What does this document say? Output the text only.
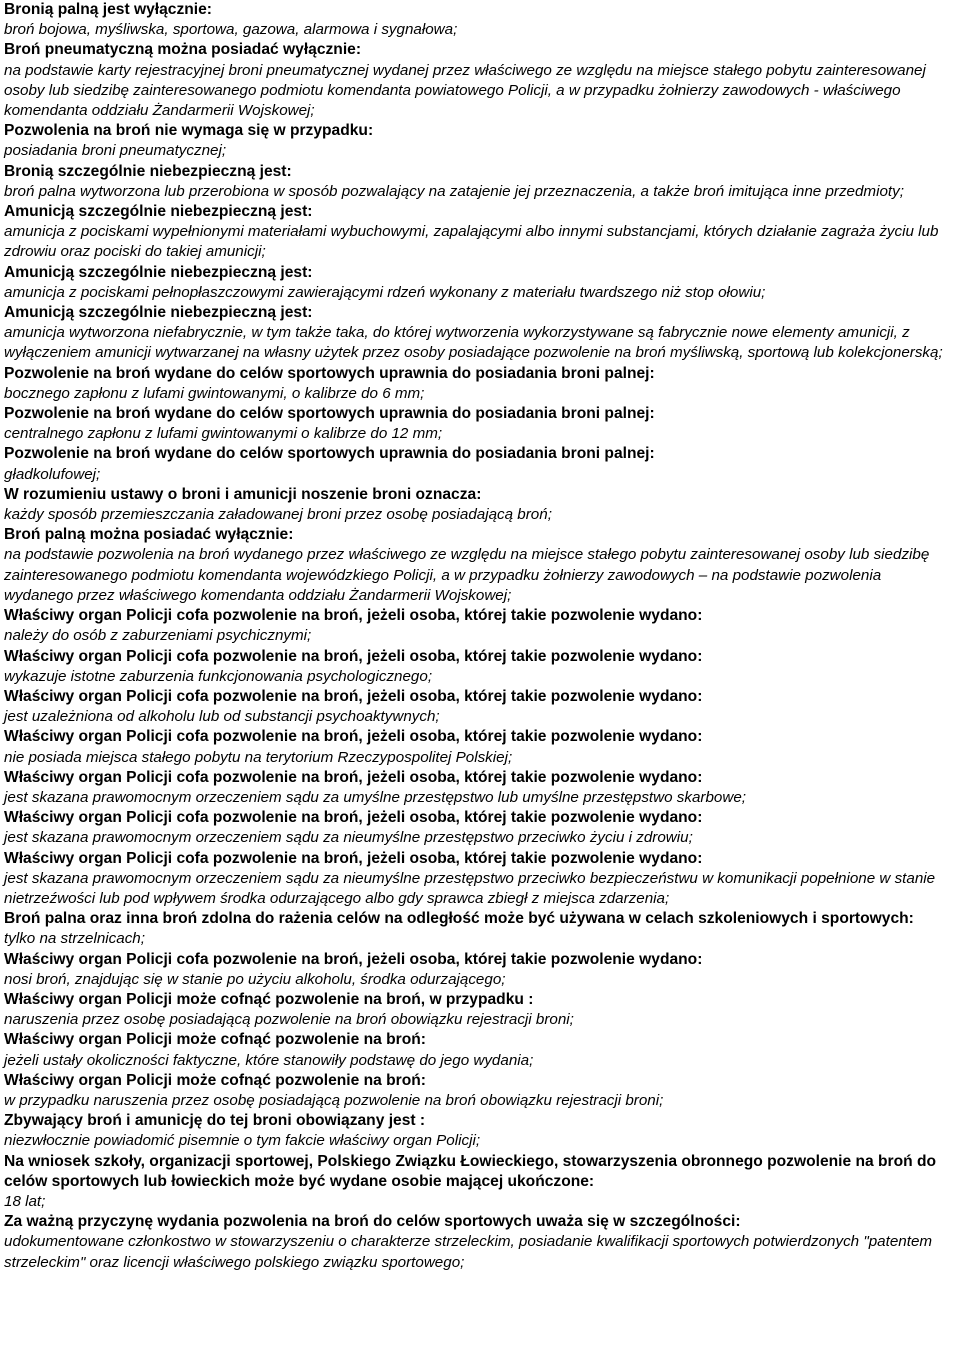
Bronią palną jest wyłącznie:

broń bojowa, myśliwska, sportowa, gazowa, alarmowa i sygnałowa;

Broń pneumatyczną można posiadać wyłącznie:

na podstawie karty rejestracyjnej broni pneumatycznej wydanej przez właściwego ze względu na miejsce stałego pobytu zainteresowanej osoby lub siedzibę zainteresowanego podmiotu komendanta powiatowego Policji, a w przypadku żołnierzy zawodowych - właściwego komendanta oddziału Żandarmerii Wojskowej;

Pozwolenia na broń nie wymaga się w przypadku:

posiadania broni pneumatycznej;

Bronią szczególnie niebezpieczną jest:

broń palna wytworzona lub przerobiona w sposób pozwalający na zatajenie jej przeznaczenia, a także broń imitująca inne przedmioty;

Amunicją szczególnie niebezpieczną jest:

amunicja z pociskami wypełnionymi materiałami wybuchowymi, zapalającymi albo innymi substancjami, których działanie zagraża życiu lub zdrowiu oraz pociski do takiej amunicji;

Amunicją szczególnie niebezpieczną jest:

amunicja z pociskami pełnopłaszczowymi zawierającymi rdzeń wykonany z materiału twardszego niż stop ołowiu;

Amunicją szczególnie niebezpieczną jest:

amunicja wytworzona niefabrycznie, w tym także taka, do której wytworzenia wykorzystywane są fabrycznie nowe elementy amunicji, z wyłączeniem amunicji wytwarzanej na własny użytek przez osoby posiadające pozwolenie na broń myśliwską, sportową lub kolekcjonerską;

Pozwolenie na broń wydane do celów sportowych uprawnia do posiadania broni palnej:

bocznego zapłonu z lufami gwintowanymi, o kalibrze do 6 mm;

Pozwolenie na broń wydane do celów sportowych uprawnia do posiadania broni palnej:

centralnego zapłonu z lufami gwintowanymi o kalibrze do 12 mm;

Pozwolenie na broń wydane do celów sportowych uprawnia do posiadania broni palnej:

gładkolufowej;

W rozumieniu ustawy o broni i amunicji noszenie broni oznacza:

każdy sposób przemieszczania załadowanej broni przez osobę posiadającą broń;

Broń palną można posiadać wyłącznie:

na podstawie pozwolenia na broń wydanego przez właściwego ze względu na miejsce stałego pobytu zainteresowanej osoby lub siedzibę zainteresowanego podmiotu komendanta wojewódzkiego Policji, a w przypadku żołnierzy zawodowych – na podstawie pozwolenia wydanego przez właściwego komendanta oddziału Żandarmerii Wojskowej;

Właściwy organ Policji cofa pozwolenie na broń, jeżeli osoba, której takie pozwolenie wydano:

należy do osób z zaburzeniami psychicznymi;

Właściwy organ Policji cofa pozwolenie na broń, jeżeli osoba, której takie pozwolenie wydano:

wykazuje istotne zaburzenia funkcjonowania psychologicznego;

Właściwy organ Policji cofa pozwolenie na broń, jeżeli osoba, której takie pozwolenie wydano:

jest uzależniona od alkoholu lub od substancji psychoaktywnych;

Właściwy organ Policji cofa pozwolenie na broń, jeżeli osoba, której takie pozwolenie wydano:

nie posiada miejsca stałego pobytu na terytorium Rzeczypospolitej Polskiej;

Właściwy organ Policji cofa pozwolenie na broń, jeżeli osoba, której takie pozwolenie wydano:

jest skazana prawomocnym orzeczeniem sądu za umyślne przestępstwo lub umyślne przestępstwo skarbowe;

Właściwy organ Policji cofa pozwolenie na broń, jeżeli osoba, której takie pozwolenie wydano:

jest skazana prawomocnym orzeczeniem sądu za nieumyślne przestępstwo przeciwko życiu i zdrowiu;

Właściwy organ Policji cofa pozwolenie na broń, jeżeli osoba, której takie pozwolenie wydano:

jest skazana prawomocnym orzeczeniem sądu za nieumyślne przestępstwo przeciwko bezpieczeństwu w komunikacji popełnione w stanie nietrzeźwości lub pod wpływem środka odurzającego albo gdy sprawca zbiegł z miejsca zdarzenia;

Broń palna oraz inna broń zdolna do rażenia celów na odległość może być używana w celach szkoleniowych i sportowych:

tylko na strzelnicach;

Właściwy organ Policji cofa pozwolenie na broń, jeżeli osoba, której takie pozwolenie wydano:

nosi broń, znajdując się w stanie po użyciu alkoholu, środka odurzającego;

Właściwy organ Policji może cofnąć pozwolenie na broń, w przypadku :

naruszenia przez osobę posiadającą pozwolenie na broń obowiązku rejestracji broni;

Właściwy organ Policji może cofnąć pozwolenie na broń:

jeżeli ustały okoliczności faktyczne, które stanowiły podstawę do jego wydania;

Właściwy organ Policji może cofnąć pozwolenie na broń:

w przypadku naruszenia przez osobę posiadającą pozwolenie na broń obowiązku rejestracji broni;

Zbywający broń i amunicję do tej broni obowiązany jest :

niezwłocznie powiadomić pisemnie o tym fakcie właściwy organ Policji;

Na wniosek szkoły, organizacji sportowej, Polskiego Związku Łowieckiego, stowarzyszenia obronnego pozwolenie na broń do celów sportowych lub łowieckich może być wydane osobie mającej ukończone:

18 lat;

Za ważną przyczynę wydania pozwolenia na broń do celów sportowych uważa się w szczególności:

udokumentowane członkostwo w stowarzyszeniu o charakterze strzeleckim, posiadanie kwalifikacji sportowych potwierdzonych "patentem strzeleckim" oraz licencji właściwego polskiego związku sportowego;
